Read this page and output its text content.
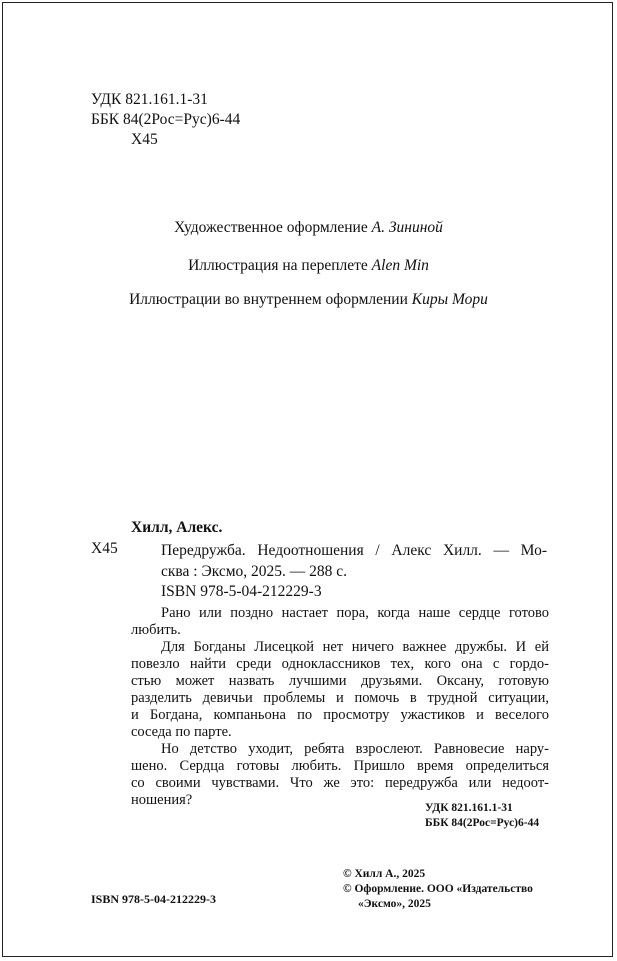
УДК 821.161.1-31
ББК 84(2Рос=Рус)6-44
Х45
Художественное оформление А. Зининой
Иллюстрация на переплете Alen Min
Иллюстрации во внутреннем оформлении Киры Мори
Хилл, Алекс.
Х45	Передружба. Недоотношения / Алекс Хилл. — Мо-
сква : Эксмо, 2025. — 288 с.
ISBN 978-5-04-212229-3
Рано или поздно настает пора, когда наше сердце готово
любить.
Для Богданы Лисецкой нет ничего важнее дружбы. И ей
повезло найти среди одноклассников тех, кого она с гордо-
стью может назвать лучшими друзьями. Оксану, готовую
разделить девичьи проблемы и помочь в трудной ситуации,
и Богдана, компаньона по просмотру ужастиков и веселого
соседа по парте.
Но детство уходит, ребята взрослеют. Равновесие нару-
шено. Сердца готовы любить. Пришло время определиться
со своими чувствами. Что же это: передружба или недоот-
ношения?	УДК 821.161.1-31
ББК 84(2Рос=Рус)6-44
© Хилл А., 2025
© Оформление. ООО «Издательство
«Эксмо», 2025
ISBN 978-5-04-212229-3
